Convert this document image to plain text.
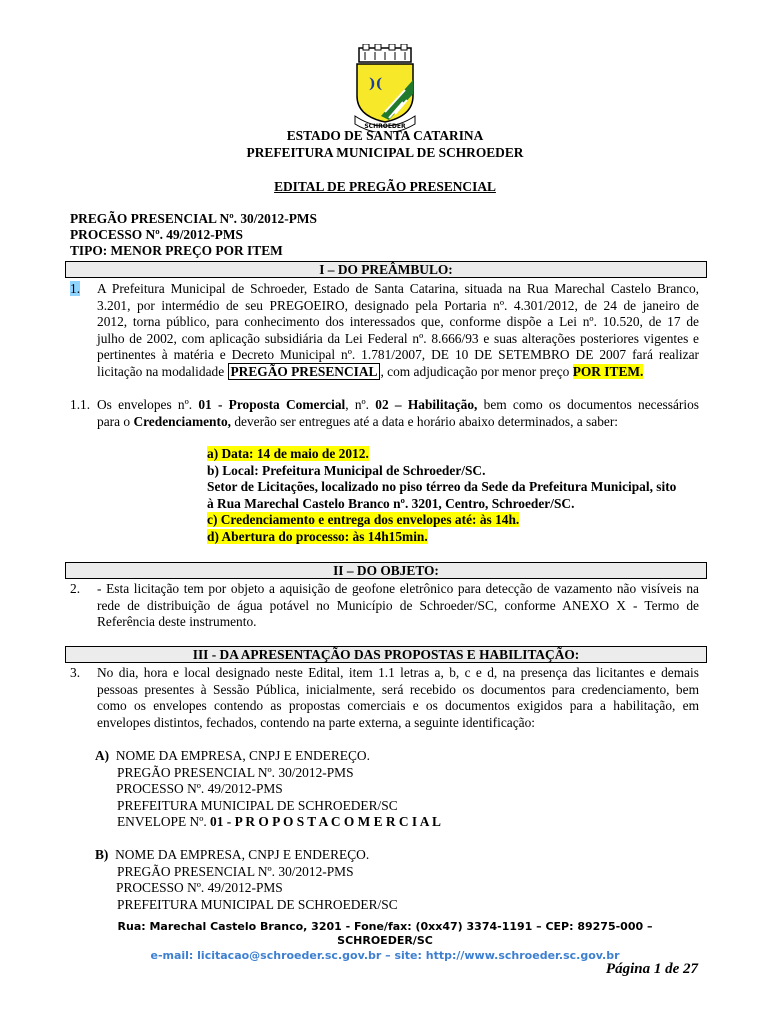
)(
SCHROEDER
ESTADO DE SANTA CATARINA
PREFEITURA MUNICIPAL DE SCHROEDER
EDITAL DE PREGÃO PRESENCIAL
PREGÃO PRESENCIAL Nº. 30/2012-PMS
PROCESSO Nº. 49/2012-PMS
TIPO: MENOR PREÇO POR ITEM
I – DO PREÂMBULO:
1.	A Prefeitura Municipal de Schroeder, Estado de Santa Catarina, situada na Rua Marechal Castelo Branco,
3.201, por intermédio de seu PREGOEIRO, designado pela Portaria nº. 4.301/2012, de 24 de janeiro de
2012, torna público, para conhecimento dos interessados que, conforme dispõe a Lei nº. 10.520, de 17 de
julho de 2002, com aplicação subsidiária da Lei Federal nº. 8.666/93 e suas alterações posteriores vigentes e
pertinentes à matéria e Decreto Municipal nº. 1.781/2007, DE 10 DE SETEMBRO DE 2007 fará realizar
licitação na modalidade PREGÃO PRESENCIAL , com adjudicação por menor preço POR ITEM.
1.1. Os envelopes nº. 01 - Proposta Comercial, nº. 02 – Habilitação, bem como os documentos necessários
para o Credenciamento, deverão ser entregues até a data e horário abaixo determinados, a saber:
a) Data: 14 de maio de 2012.
b) Local: Prefeitura Municipal de Schroeder/SC.
Setor de Licitações, localizado no piso térreo da Sede da Prefeitura Municipal, sito
à Rua Marechal Castelo Branco nº. 3201, Centro, Schroeder/SC.
c) Credenciamento e entrega dos envelopes até: às 14h.
d) Abertura do processo: às 14h15min.
II – DO OBJETO:
2. - Esta licitação tem por objeto a aquisição de geofone eletrônico para detecção de vazamento não visíveis na
rede de distribuição de água potável no Município de Schroeder/SC, conforme ANEXO X - Termo de
Referência deste instrumento.
III - DA APRESENTAÇÃO DAS PROPOSTAS E HABILITAÇÃO:
3. No dia, hora e local designado neste Edital, item 1.1 letras a, b, c e d, na presença das licitantes e demais
pessoas presentes à Sessão Pública, inicialmente, será recebido os documentos para credenciamento, bem
como os envelopes contendo as propostas comerciais e os documentos exigidos para a habilitação, em
envelopes distintos, fechados, contendo na parte externa, a seguinte identificação:
A) NOME DA EMPRESA, CNPJ E ENDEREÇO.
PREGÃO PRESENCIAL Nº. 30/2012-PMS
PROCESSO Nº. 49/2012-PMS
PREFEITURA MUNICIPAL DE SCHROEDER/SC
ENVELOPE Nº. 01 - P R O P O S T A C O M E R C I A L
B) NOME DA EMPRESA, CNPJ E ENDEREÇO.
PREGÃO PRESENCIAL Nº. 30/2012-PMS
PROCESSO Nº. 49/2012-PMS
PREFEITURA MUNICIPAL DE SCHROEDER/SC
Rua: Marechal Castelo Branco, 3201 - Fone/fax: (0xx47) 3374-1191 – CEP: 89275-000 –
SCHROEDER/SC
e-mail: licitacao@schroeder.sc.gov.br – site: http://www.schroeder.sc.gov.br
Página 1 de 27
